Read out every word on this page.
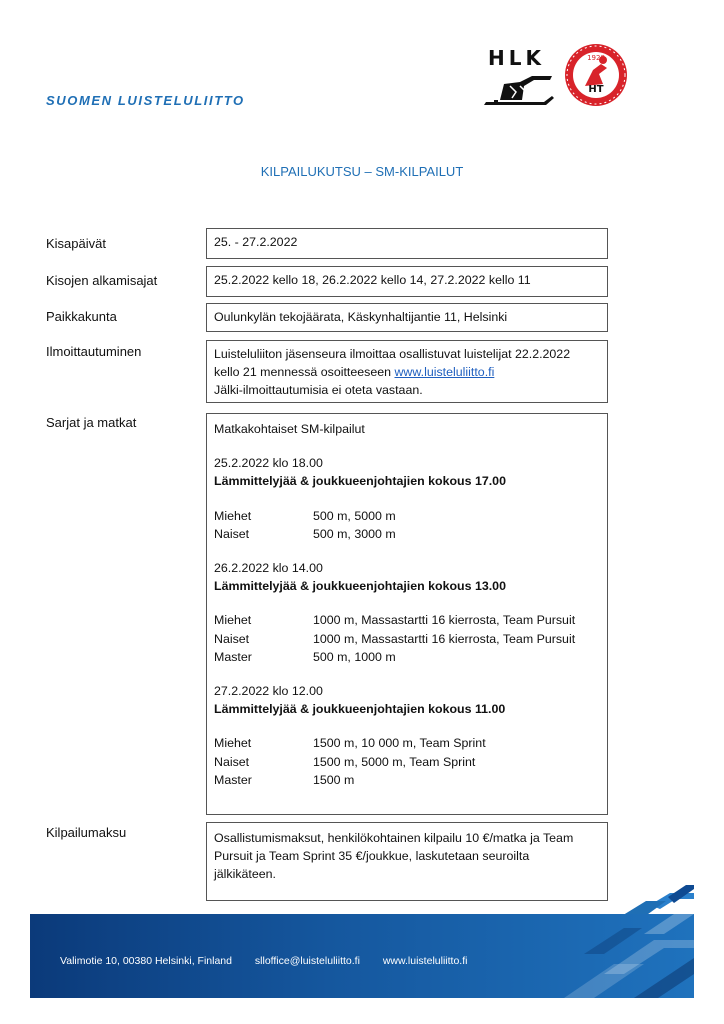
SUOMEN LUISTELULIITTO
HLK	1928
HT
KILPAILUKUTSU – SM-KILPAILUT
Kisapäivät	25. - 27.2.2022
Kisojen alkamisajat	25.2.2022 kello 18, 26.2.2022 kello 14, 27.2.2022 kello 11
Paikkakunta	Oulunkylän tekojäärata, Käskynhaltijantie 11, Helsinki
Ilmoittautuminen	Luisteluliiton jäsenseura ilmoittaa osallistuvat luistelijat 22.2.2022
kello 21 mennessä osoitteeseen www.luisteluliitto.fi
Jälki-ilmoittautumisia ei oteta vastaan.
Sarjat ja matkat	Matkakohtaiset SM-kilpailut
25.2.2022 klo 18.00
Lämmittelyjää & joukkueenjohtajien kokous 17.00
Miehet	500 m, 5000 m
Naiset	500 m, 3000 m
26.2.2022 klo 14.00
Lämmittelyjää & joukkueenjohtajien kokous 13.00
Miehet	1000 m, Massastartti 16 kierrosta, Team Pursuit
Naiset	1000 m, Massastartti 16 kierrosta, Team Pursuit
Master	500 m, 1000 m
27.2.2022 klo 12.00
Lämmittelyjää & joukkueenjohtajien kokous 11.00
Miehet	1500 m, 10 000 m, Team Sprint
Naiset	1500 m, 5000 m, Team Sprint
Master	1500 m
Kilpailumaksu	Osallistumismaksut, henkilökohtainen kilpailu 10 €/matka ja Team
Pursuit ja Team Sprint 35 €/joukkue, laskutetaan seuroilta
jälkikäteen.
Valimotie 10, 00380 Helsinki, Finland slloffice@luisteluliitto.fi www.luisteluliitto.fi
